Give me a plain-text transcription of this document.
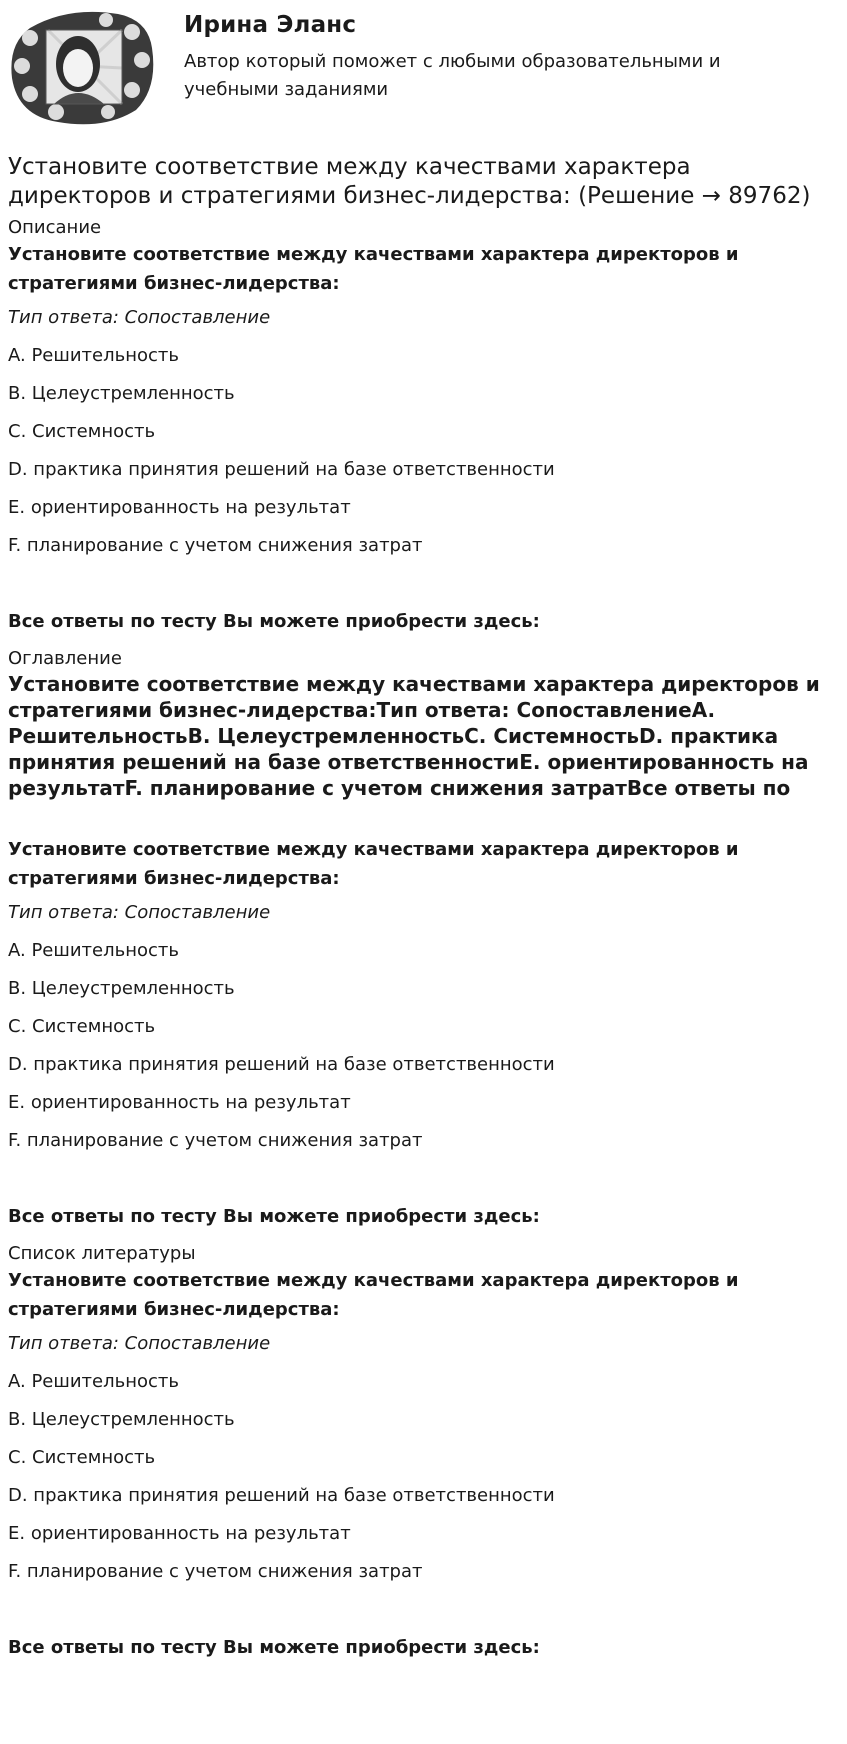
Ирина Эланс
Автор который поможет с любыми образовательными и учебными заданиями
Установите соответствие между качествами характера директоров и стратегиями бизнес-лидерства: (Решение → 89762)
Описание

Установите соответствие между качествами характера директоров и стратегиями бизнес-лидерства:

Тип ответа: Сопоставление

A. Решительность

B. Целеустремленность

C. Системность

D. практика принятия решений на базе ответственности

E. ориентированность на результат

F. планирование с учетом снижения затрат

Все ответы по тесту Вы можете приобрести здесь:

Оглавление
Установите соответствие между качествами характера директоров и стратегиями бизнес-лидерства:Тип ответа: СопоставлениеA. РешительностьB. ЦелеустремленностьC. СистемностьD. практика принятия решений на базе ответственностиE. ориентированность на результатF. планирование с учетом снижения затратВсе ответы по

Установите соответствие между качествами характера директоров и стратегиями бизнес-лидерства:

Тип ответа: Сопоставление

A. Решительность

B. Целеустремленность

C. Системность

D. практика принятия решений на базе ответственности

E. ориентированность на результат

F. планирование с учетом снижения затрат

Все ответы по тесту Вы можете приобрести здесь:

Список литературы

Установите соответствие между качествами характера директоров и стратегиями бизнес-лидерства:

Тип ответа: Сопоставление

A. Решительность

B. Целеустремленность

C. Системность

D. практика принятия решений на базе ответственности

E. ориентированность на результат

F. планирование с учетом снижения затрат

Все ответы по тесту Вы можете приобрести здесь:
